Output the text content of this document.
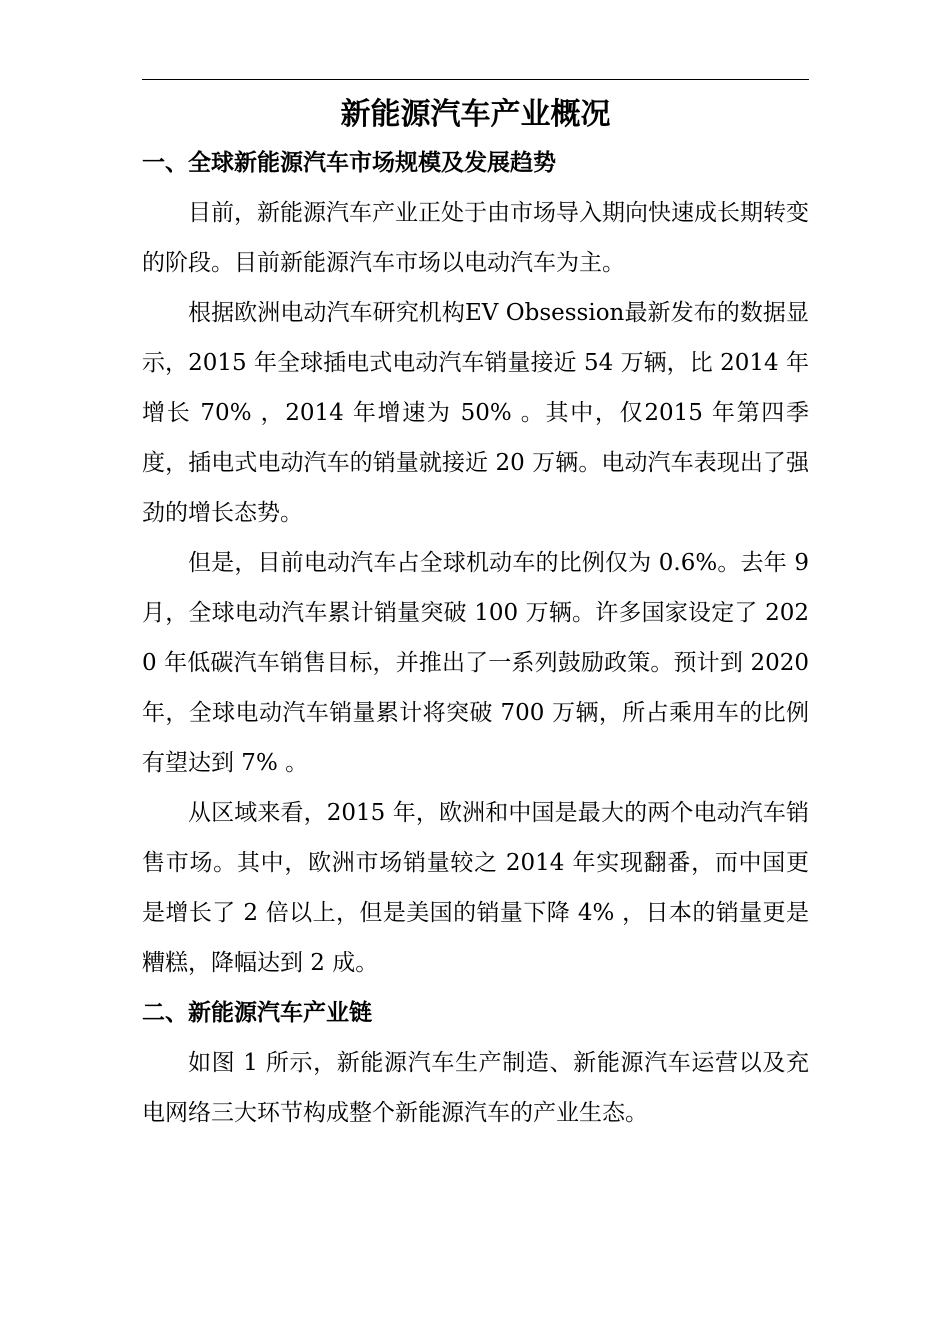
新能源汽车产业概况
一、全球新能源汽车市场规模及发展趋势

目前，新能源汽车产业正处于由市场导入期向快速成长期转变的阶段。目前新能源汽车市场以电动汽车为主。

根据欧洲电动汽车研究机构EV Obsession最新发布的数据显示，2015 年全球插电式电动汽车销量接近 54 万辆，比 2014 年增长 70% ，2014 年增速为 50% 。其中，仅2015 年第四季度，插电式电动汽车的销量就接近 20 万辆。电动汽车表现出了强劲的增长态势。

但是，目前电动汽车占全球机动车的比例仅为 0.6%。去年 9 月，全球电动汽车累计销量突破 100 万辆。许多国家设定了 2020 年低碳汽车销售目标，并推出了一系列鼓励政策。预计到 2020 年，全球电动汽车销量累计将突破 700 万辆，所占乘用车的比例有望达到 7% 。

从区域来看，2015 年，欧洲和中国是最大的两个电动汽车销售市场。其中，欧洲市场销量较之 2014 年实现翻番，而中国更是增长了 2 倍以上，但是美国的销量下降 4% ，日本的销量更是糟糕，降幅达到 2 成。

二、新能源汽车产业链

如图 1 所示，新能源汽车生产制造、新能源汽车运营以及充电网络三大环节构成整个新能源汽车的产业生态。
